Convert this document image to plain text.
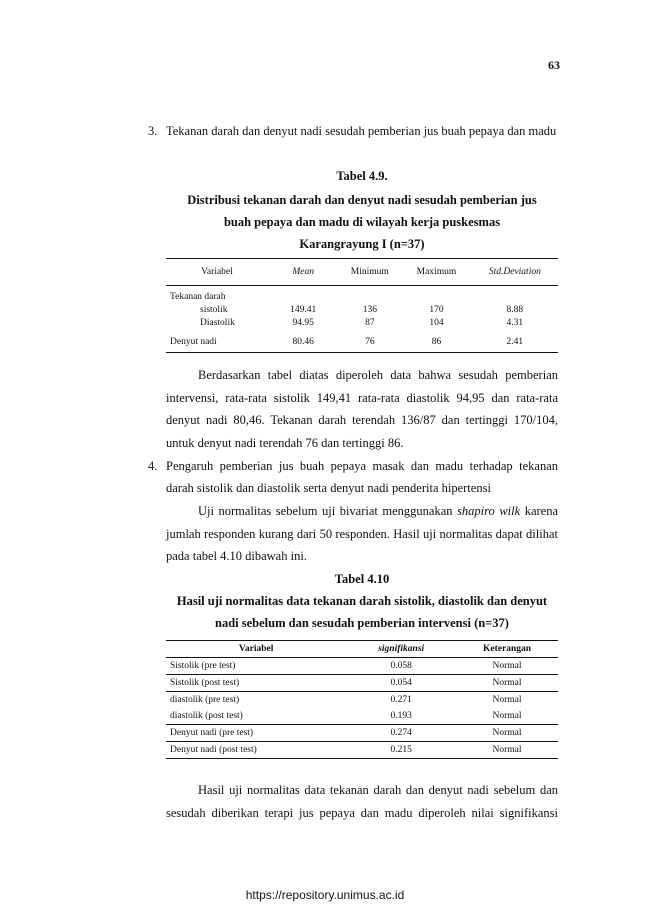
63
3. Tekanan darah dan denyut nadi sesudah pemberian jus buah pepaya dan madu
Tabel 4.9.
Distribusi tekanan darah dan denyut nadi sesudah pemberian jus
buah pepaya dan madu di wilayah kerja puskesmas
Karangrayung I (n=37)
Variabel	Mean	Minimum	Maximum	Std.Deviation
Tekanan darah				
sistolik	149.41	136	170	8.88
Diastolik	94.95	87	104	4.31
Denyut nadi	80.46	76	86	2.41
Berdasarkan tabel diatas diperoleh data bahwa sesudah pemberian intervensi, rata-rata sistolik 149,41 rata-rata diastolik 94,95 dan rata-rata denyut nadi 80,46. Tekanan darah terendah 136/87 dan tertinggi 170/104, untuk denyut nadi terendah 76 dan tertinggi 86.
4. Pengaruh pemberian jus buah pepaya masak dan madu terhadap tekanan darah sistolik dan diastolik serta denyut nadi penderita hipertensi
Uji normalitas sebelum uji bivariat menggunakan shapiro wilk karena jumlah responden kurang dari 50 responden. Hasil uji normalitas dapat dilihat pada tabel 4.10 dibawah ini.
Tabel 4.10
Hasil uji normalitas data tekanan darah sistolik, diastolik dan denyut
nadi sebelum dan sesudah pemberian intervensi (n=37)
Variabel	signifikansi	Keterangan
Sistolik (pre test)	0.058	Normal
Sistolik (post test)	0.054	Normal
diastolik (pre test)	0.271	Normal
diastolik (post test)	0.193	Normal
Denyut nadi (pre test)	0.274	Normal
Denyut nadi (post test)	0.215	Normal
Hasil uji normalitas data tekanan darah dan denyut nadi sebelum dan sesudah diberikan terapi jus pepaya dan madu diperoleh nilai signifikansi
https://repository.unimus.ac.id
